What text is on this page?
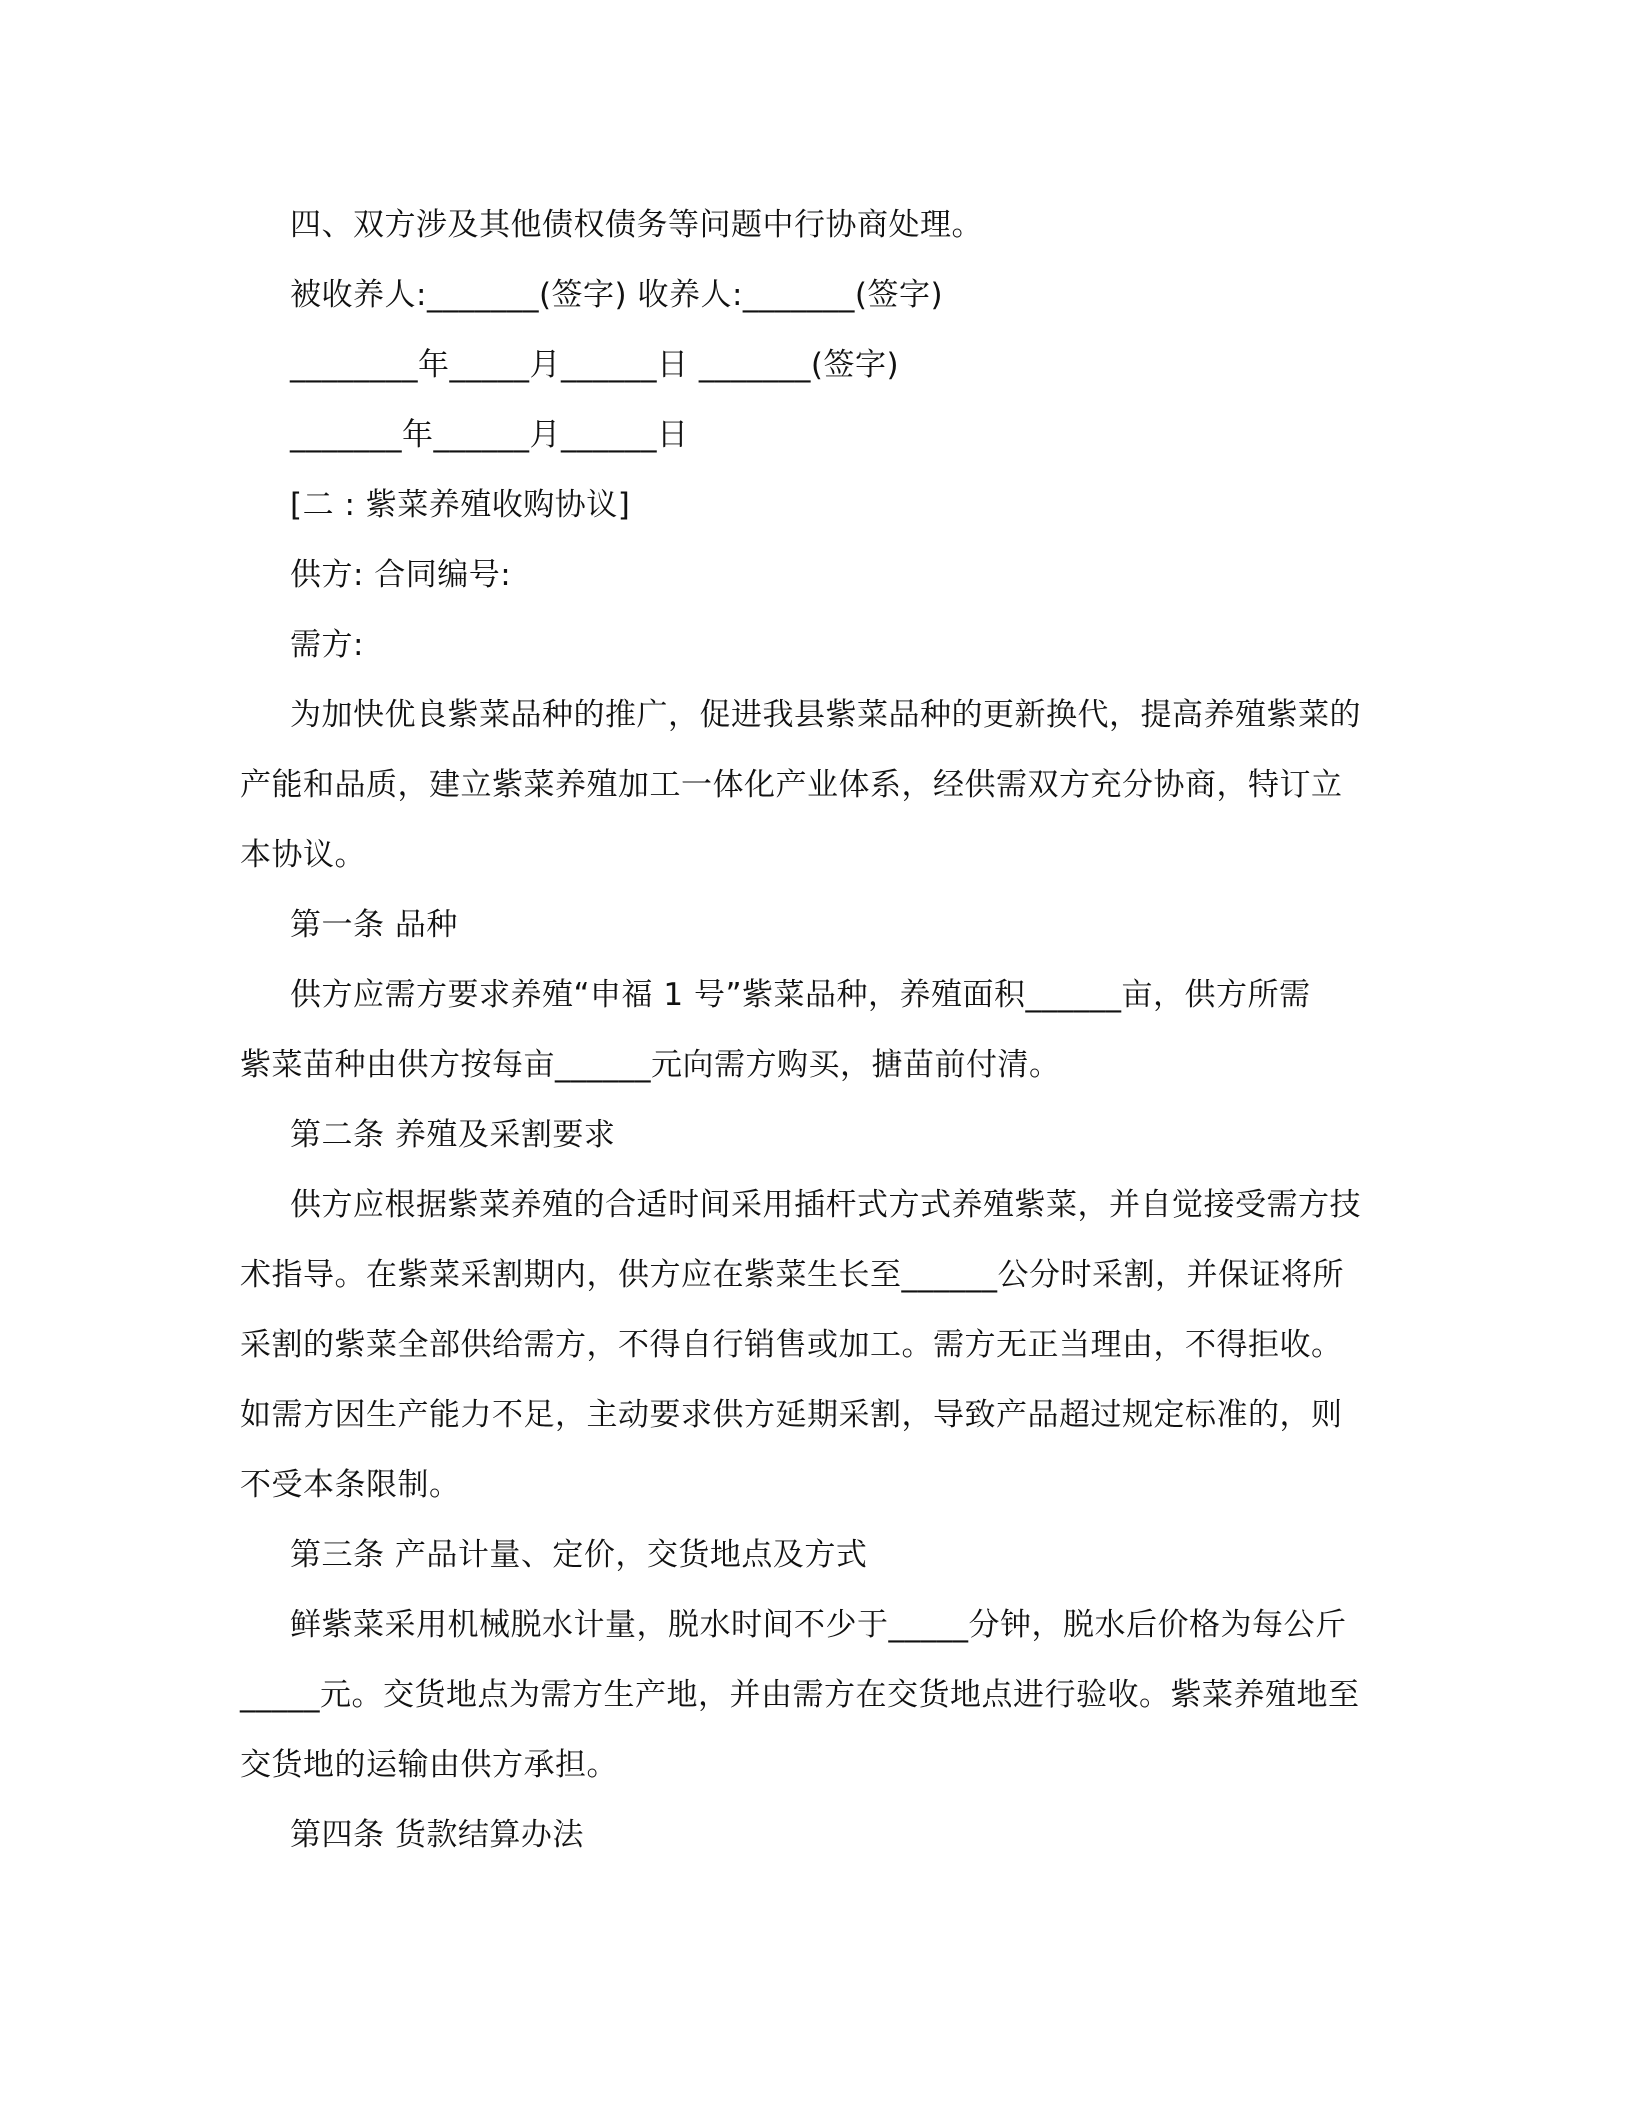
四、双方涉及其他债权债务等问题中行协商处理。
被收养人:_______(签字) 收养人:_______(签字)
________年_____月______日 _______(签字)
_______年______月______日
[二 : 紫菜养殖收购协议]
供方: 合同编号:
需方:
为加快优良紫菜品种的推广，促进我县紫菜品种的更新换代，提高养殖紫菜的
产能和品质，建立紫菜养殖加工一体化产业体系，经供需双方充分协商，特订立
本协议。
第一条 品种
供方应需方要求养殖“申福 1 号”紫菜品种，养殖面积______亩，供方所需
紫菜苗种由供方按每亩______元向需方购买，搪苗前付清。
第二条 养殖及采割要求
供方应根据紫菜养殖的合适时间采用插杆式方式养殖紫菜，并自觉接受需方技
术指导。在紫菜采割期内，供方应在紫菜生长至______公分时采割，并保证将所
采割的紫菜全部供给需方，不得自行销售或加工。需方无正当理由，不得拒收。
如需方因生产能力不足，主动要求供方延期采割，导致产品超过规定标准的，则
不受本条限制。
第三条 产品计量、定价，交货地点及方式
鲜紫菜采用机械脱水计量，脱水时间不少于_____分钟，脱水后价格为每公斤
_____元。交货地点为需方生产地，并由需方在交货地点进行验收。紫菜养殖地至
交货地的运输由供方承担。
第四条 货款结算办法
